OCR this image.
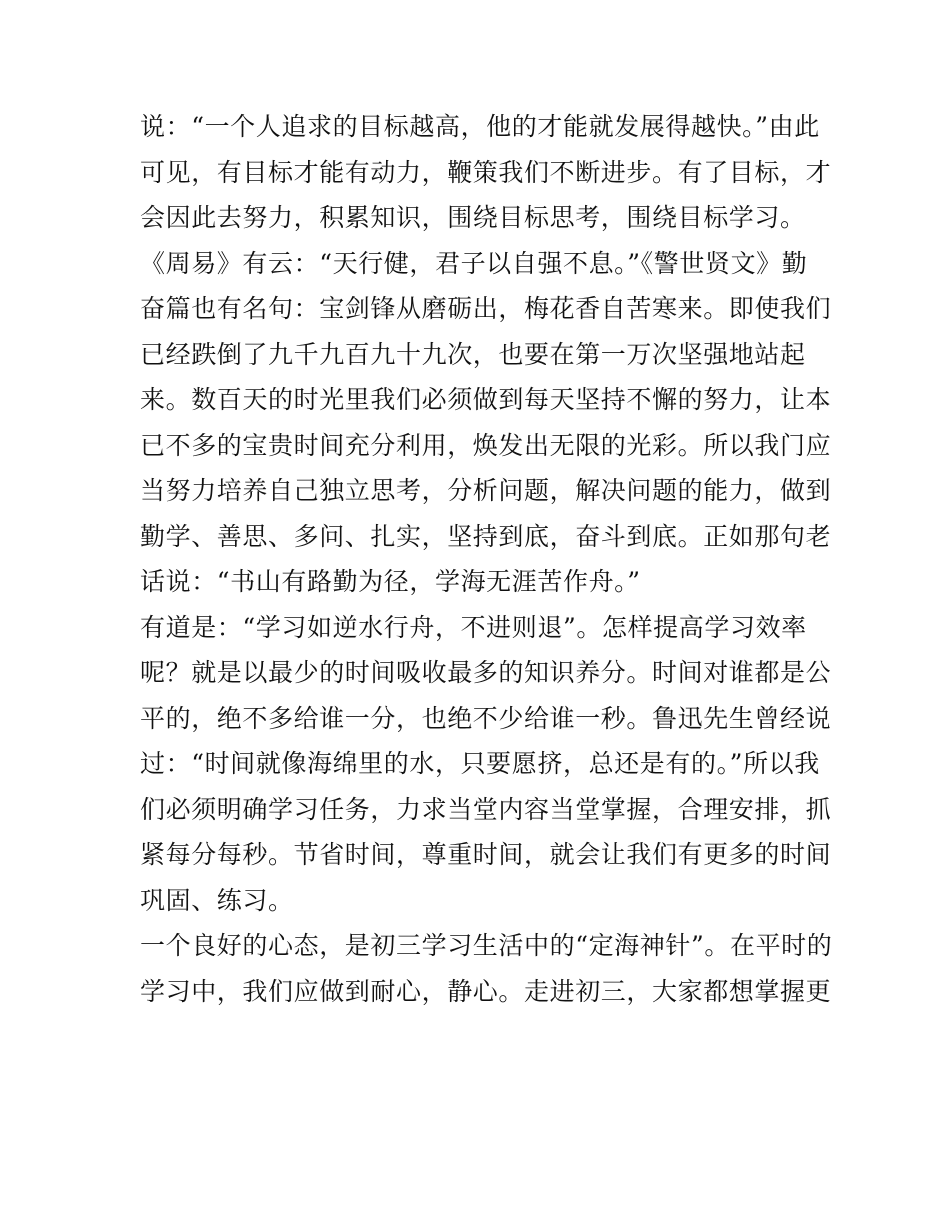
说：“一个人追求的目标越高，他的才能就发展得越快。”由此
可见，有目标才能有动力，鞭策我们不断进步。有了目标，才
会因此去努力，积累知识，围绕目标思考，围绕目标学习。
《周易》有云：“天行健，君子以自强不息。”《警世贤文》勤
奋篇也有名句：宝剑锋从磨砺出，梅花香自苦寒来。即使我们
已经跌倒了九千九百九十九次，也要在第一万次坚强地站起
来。数百天的时光里我们必须做到每天坚持不懈的努力，让本
已不多的宝贵时间充分利用，焕发出无限的光彩。所以我门应
当努力培养自己独立思考，分析问题，解决问题的能力，做到
勤学、善思、多问、扎实，坚持到底，奋斗到底。正如那句老
话说：“书山有路勤为径，学海无涯苦作舟。”
有道是：“学习如逆水行舟，不进则退”。怎样提高学习效率
呢？就是以最少的时间吸收最多的知识养分。时间对谁都是公
平的，绝不多给谁一分，也绝不少给谁一秒。鲁迅先生曾经说
过：“时间就像海绵里的水，只要愿挤，总还是有的。”所以我
们必须明确学习任务，力求当堂内容当堂掌握，合理安排，抓
紧每分每秒。节省时间，尊重时间，就会让我们有更多的时间
巩固、练习。
一个良好的心态，是初三学习生活中的“定海神针”。在平时的
学习中，我们应做到耐心，静心。走进初三，大家都想掌握更
